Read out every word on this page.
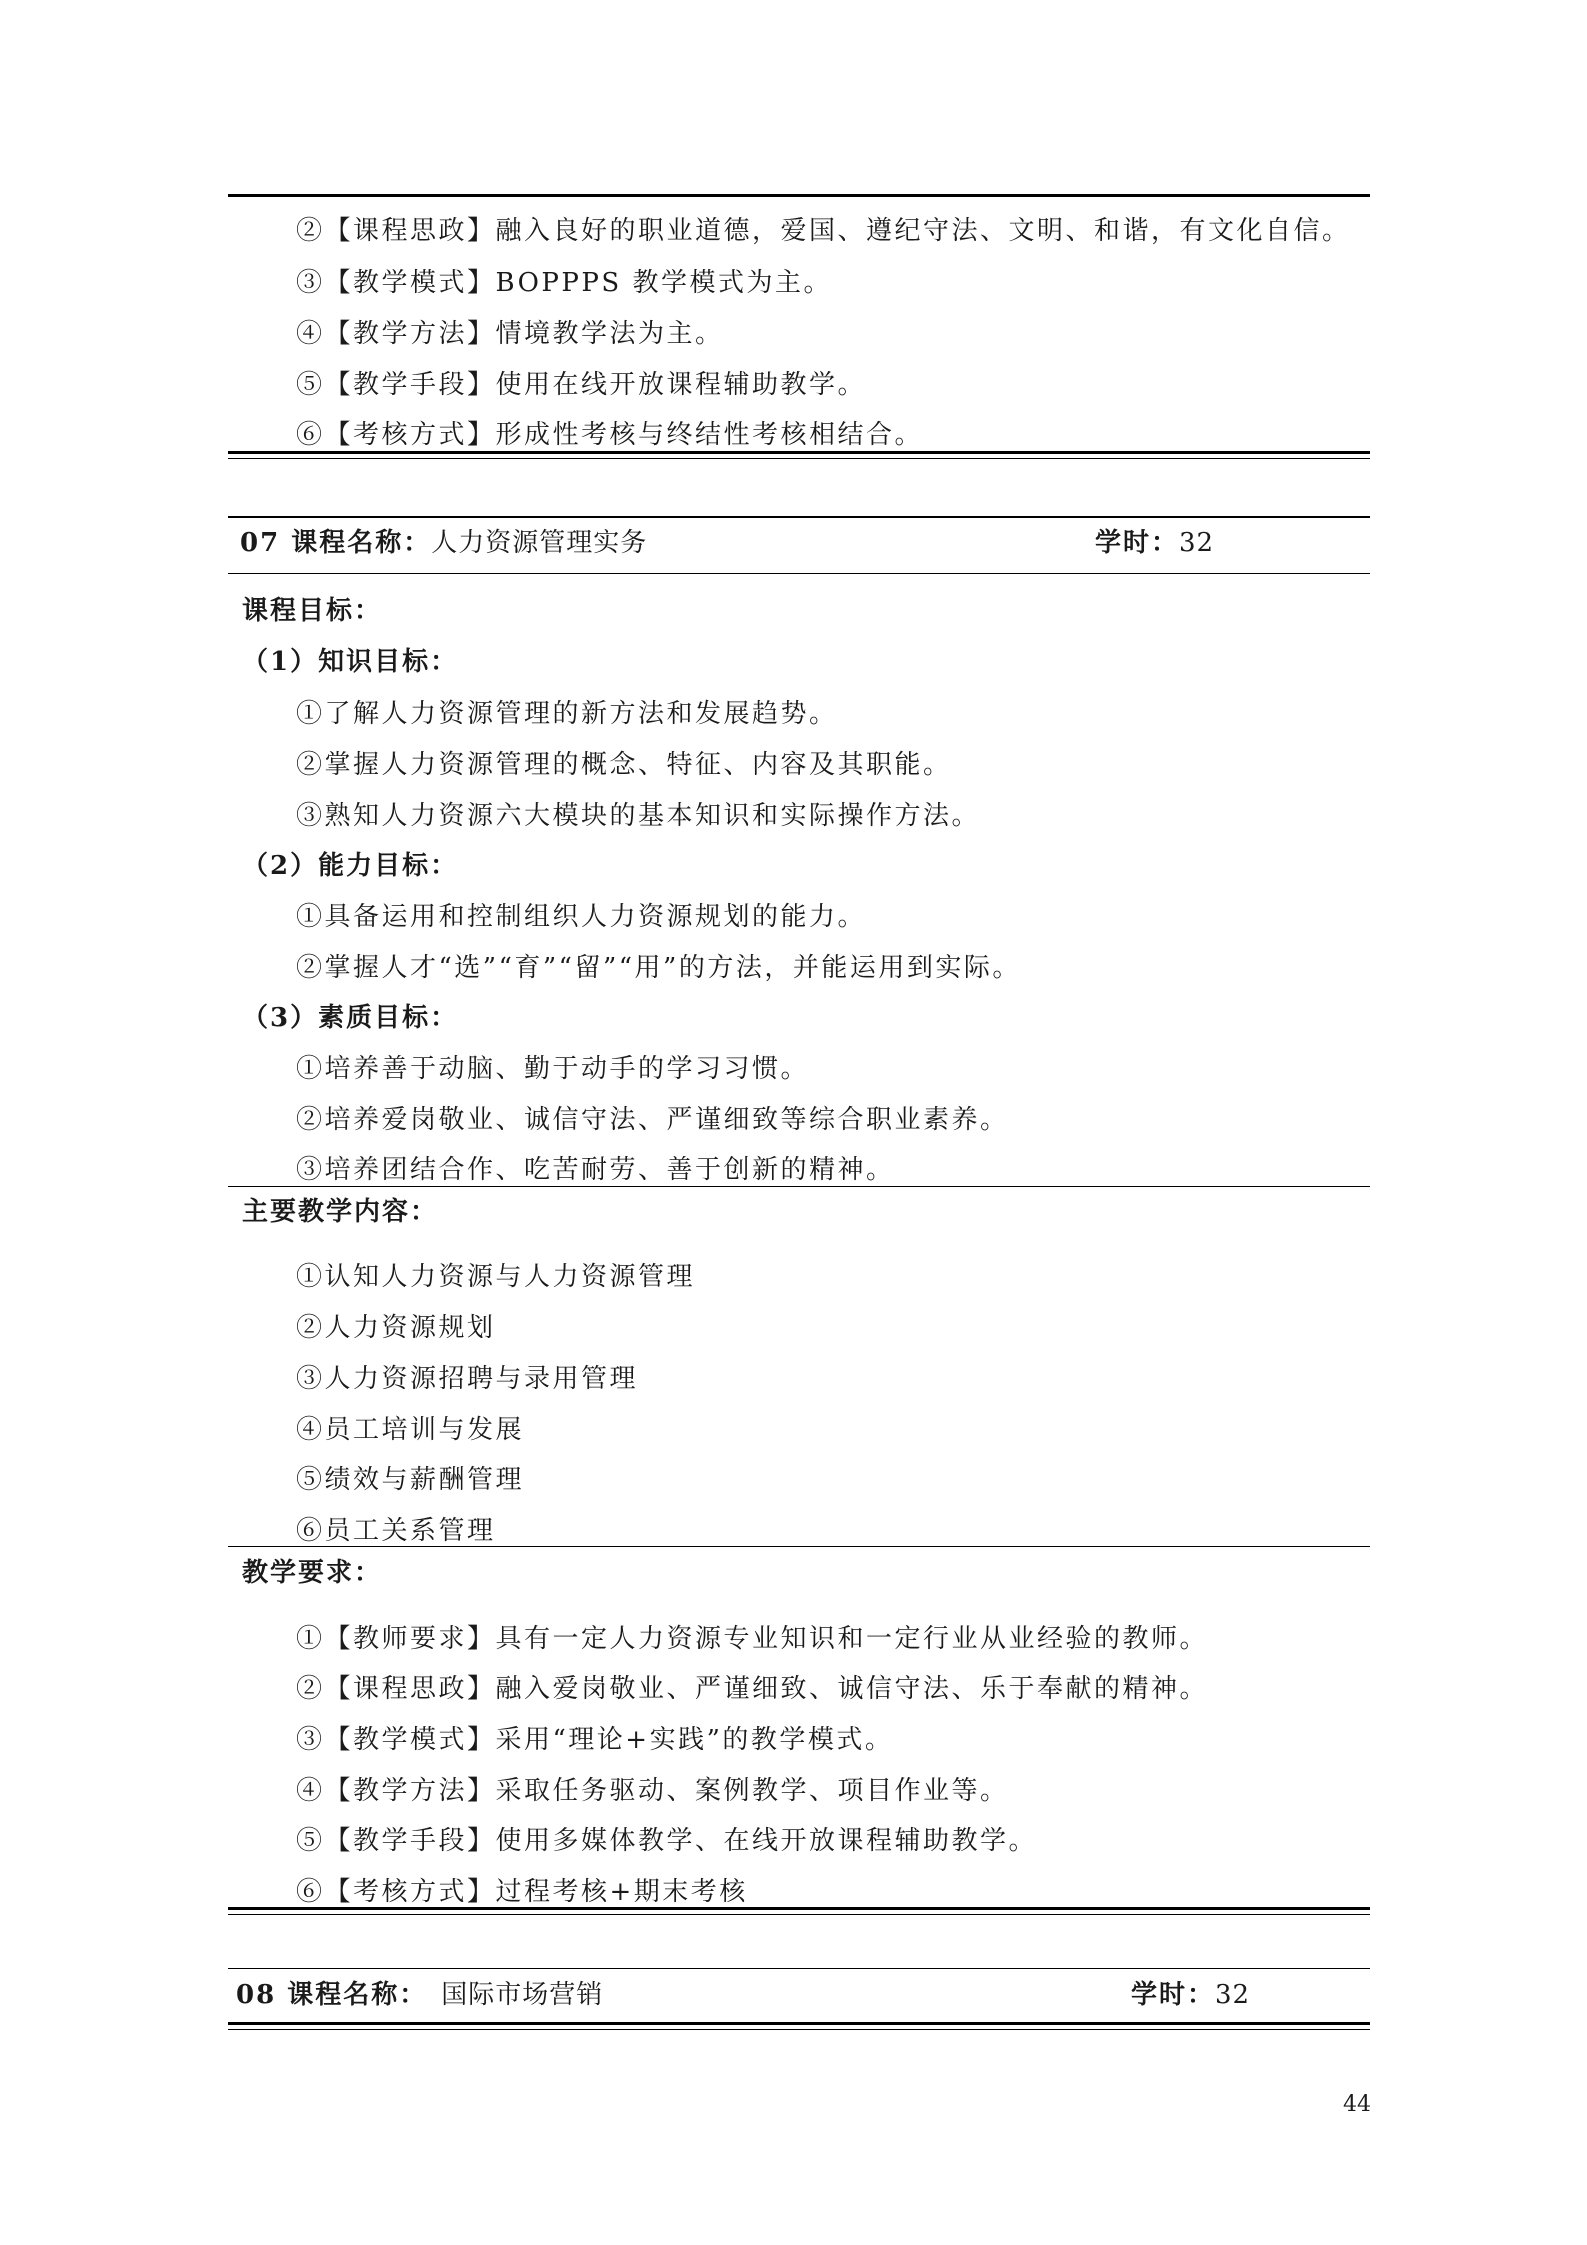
②【课程思政】融入良好的职业道德，爱国、遵纪守法、文明、和谐，有文化自信。
③【教学模式】BOPPPS 教学模式为主。
④【教学方法】情境教学法为主。
⑤【教学手段】使用在线开放课程辅助教学。
⑥【考核方式】形成性考核与终结性考核相结合。
07 课程名称：人力资源管理实务	学时：32
课程目标：
（1）知识目标：
①了解人力资源管理的新方法和发展趋势。
②掌握人力资源管理的概念、特征、内容及其职能。
③熟知人力资源六大模块的基本知识和实际操作方法。
（2）能力目标：
①具备运用和控制组织人力资源规划的能力。
②掌握人才“选”“育”“留”“用”的方法，并能运用到实际。
（3）素质目标：
①培养善于动脑、勤于动手的学习习惯。
②培养爱岗敬业、诚信守法、严谨细致等综合职业素养。
③培养团结合作、吃苦耐劳、善于创新的精神。
主要教学内容：
①认知人力资源与人力资源管理
②人力资源规划
③人力资源招聘与录用管理
④员工培训与发展
⑤绩效与薪酬管理
⑥员工关系管理
教学要求：
①【教师要求】具有一定人力资源专业知识和一定行业从业经验的教师。
②【课程思政】融入爱岗敬业、严谨细致、诚信守法、乐于奉献的精神。
③【教学模式】采用“理论+实践”的教学模式。
④【教学方法】采取任务驱动、案例教学、项目作业等。
⑤【教学手段】使用多媒体教学、在线开放课程辅助教学。
⑥【考核方式】过程考核+期末考核
08 课程名称： 国际市场营销	学时：32
44
